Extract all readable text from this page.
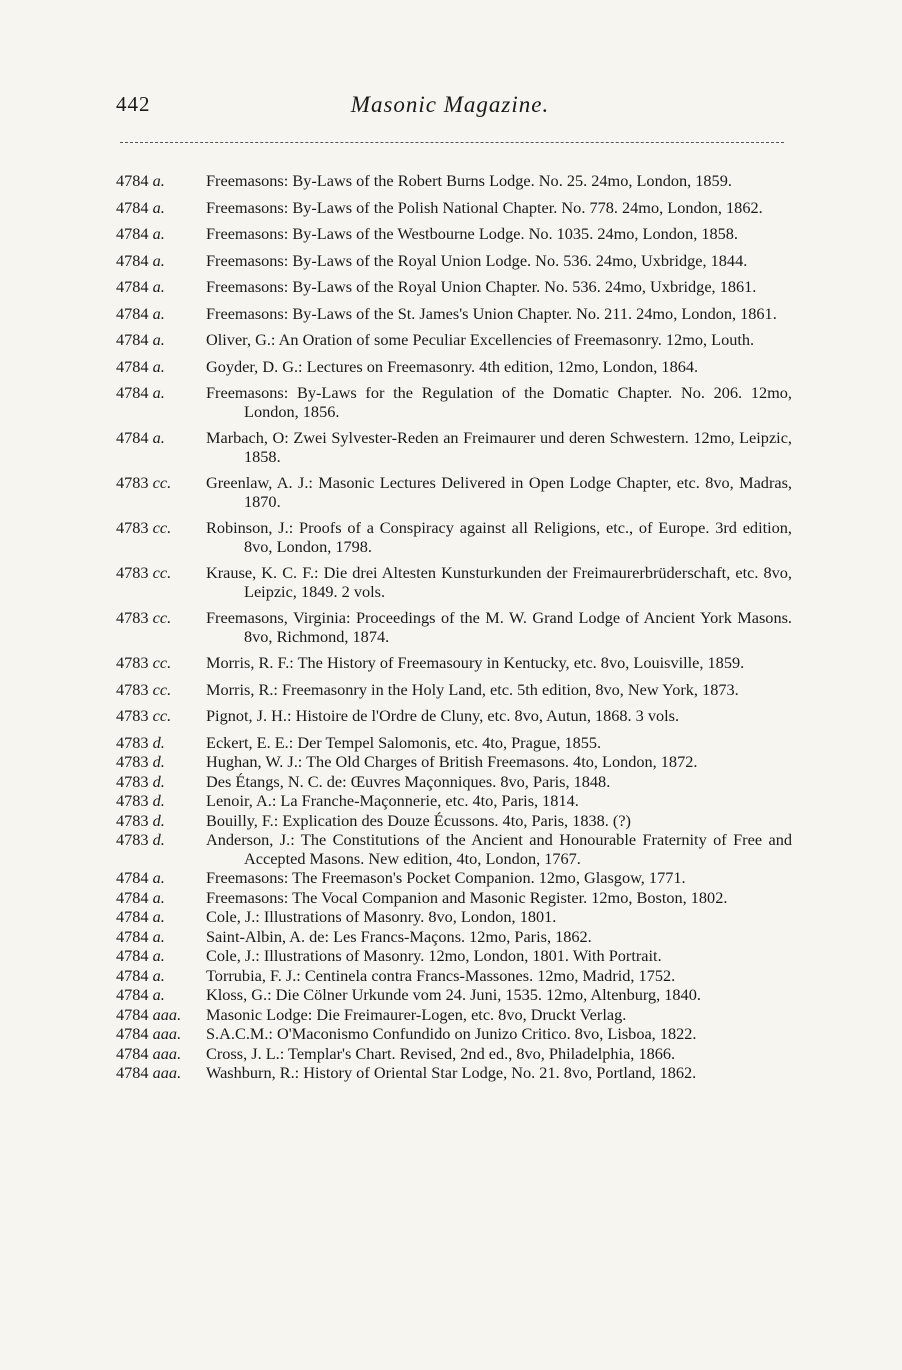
442	Masonic Magazine.
4784 a.	Freemasons: By-Laws of the Robert Burns Lodge. No. 25. 24mo, London, 1859.
4784 a.	Freemasons: By-Laws of the Polish National Chapter. No. 778. 24mo, London, 1862.
4784 a.	Freemasons: By-Laws of the Westbourne Lodge. No. 1035. 24mo, London, 1858.
4784 a.	Freemasons: By-Laws of the Royal Union Lodge. No. 536. 24mo, Uxbridge, 1844.
4784 a.	Freemasons: By-Laws of the Royal Union Chapter. No. 536. 24mo, Uxbridge, 1861.
4784 a.	Freemasons: By-Laws of the St. James's Union Chapter. No. 211. 24mo, London, 1861.
4784 a.	Oliver, G.: An Oration of some Peculiar Excellencies of Freemasonry. 12mo, Louth.
4784 a.	Goyder, D. G.: Lectures on Freemasonry. 4th edition, 12mo, London, 1864.
4784 a.	Freemasons: By-Laws for the Regulation of the Domatic Chapter. No. 206. 12mo, London, 1856.
4784 a.	Marbach, O: Zwei Sylvester-Reden an Freimaurer und deren Schwestern. 12mo, Leipzic, 1858.
4783 cc.	Greenlaw, A. J.: Masonic Lectures Delivered in Open Lodge Chapter, etc. 8vo, Madras, 1870.
4783 cc.	Robinson, J.: Proofs of a Conspiracy against all Religions, etc., of Europe. 3rd edition, 8vo, London, 1798.
4783 cc.	Krause, K. C. F.: Die drei Altesten Kunsturkunden der Freimaurerbrüderschaft, etc. 8vo, Leipzic, 1849. 2 vols.
4783 cc.	Freemasons, Virginia: Proceedings of the M. W. Grand Lodge of Ancient York Masons. 8vo, Richmond, 1874.
4783 cc.	Morris, R. F.: The History of Freemasoury in Kentucky, etc. 8vo, Louisville, 1859.
4783 cc.	Morris, R.: Freemasonry in the Holy Land, etc. 5th edition, 8vo, New York, 1873.
4783 cc.	Pignot, J. H.: Histoire de l'Ordre de Cluny, etc. 8vo, Autun, 1868. 3 vols.
4783 d.	Eckert, E. E.: Der Tempel Salomonis, etc. 4to, Prague, 1855.
4783 d.	Hughan, W. J.: The Old Charges of British Freemasons. 4to, London, 1872.
4783 d.	Des Étangs, N. C. de: Œuvres Maçonniques. 8vo, Paris, 1848.
4783 d.	Lenoir, A.: La Franche-Maçonnerie, etc. 4to, Paris, 1814.
4783 d.	Bouilly, F.: Explication des Douze Écussons. 4to, Paris, 1838. (?)
4783 d.	Anderson, J.: The Constitutions of the Ancient and Honourable Fraternity of Free and Accepted Masons. New edition, 4to, London, 1767.
4784 a.	Freemasons: The Freemason's Pocket Companion. 12mo, Glasgow, 1771.
4784 a.	Freemasons: The Vocal Companion and Masonic Register. 12mo, Boston, 1802.
4784 a.	Cole, J.: Illustrations of Masonry. 8vo, London, 1801.
4784 a.	Saint-Albin, A. de: Les Francs-Maçons. 12mo, Paris, 1862.
4784 a.	Cole, J.: Illustrations of Masonry. 12mo, London, 1801. With Portrait.
4784 a.	Torrubia, F. J.: Centinela contra Francs-Massones. 12mo, Madrid, 1752.
4784 a.	Kloss, G.: Die Cölner Urkunde vom 24. Juni, 1535. 12mo, Altenburg, 1840.
4784 aaa.	Masonic Lodge: Die Freimaurer-Logen, etc. 8vo, Druckt Verlag.
4784 aaa.	S.A.C.M.: O'Maconismo Confundido on Junizo Critico. 8vo, Lisboa, 1822.
4784 aaa.	Cross, J. L.: Templar's Chart. Revised, 2nd ed., 8vo, Philadelphia, 1866.
4784 aaa.	Washburn, R.: History of Oriental Star Lodge, No. 21. 8vo, Portland, 1862.
